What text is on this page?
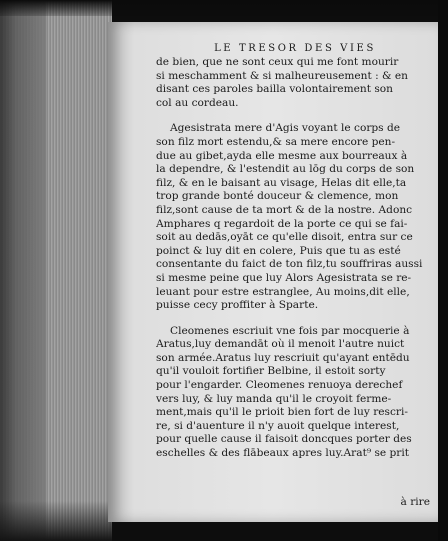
LE TRESOR DES VIES
de bien, que ne sont ceux qui me font mourir
si meschamment & si malheureusement : & en
disant ces paroles bailla volontairement son
col au cordeau.
Agesistrata mere d'Agis voyant le corps de
son filz mort estendu,& sa mere encore pen-
due au gibet,ayda elle mesme aux bourreaux à
la dependre, & l'estendit au lōg du corps de son
filz, & en le baisant au visage, Helas dit elle,ta
trop grande bonté douceur & clemence, mon
filz,sont cause de ta mort & de la nostre. Adonc
Amphares q regardoit de la porte ce qui se fai-
soit au dedās,oyāt ce qu'elle disoit, entra sur ce
poinct & luy dit en colere, Puis que tu as esté
consentante du faict de ton filz,tu souffriras aussi
si mesme peine que luy Alors Agesistrata se re-
leuant pour estre estranglee, Au moins,dit elle,
puisse cecy proffiter à Sparte.
Cleomenes escriuit vne fois par mocquerie à
Aratus,luy demandāt où il menoit l'autre nuict
son armée.Aratus luy rescriuit qu'ayant entēdu
qu'il vouloit fortifier Belbine, il estoit sorty
pour l'engarder. Cleomenes renuoya derechef
vers luy, & luy manda qu'il le croyoit ferme-
ment,mais qu'il le prioit bien fort de luy rescri-
re, si d'auenture il n'y auoit quelque interest,
pour quelle cause il faisoit doncques porter des
eschelles & des flābeaux apres luy.Arat⁹ se prit
à rire
